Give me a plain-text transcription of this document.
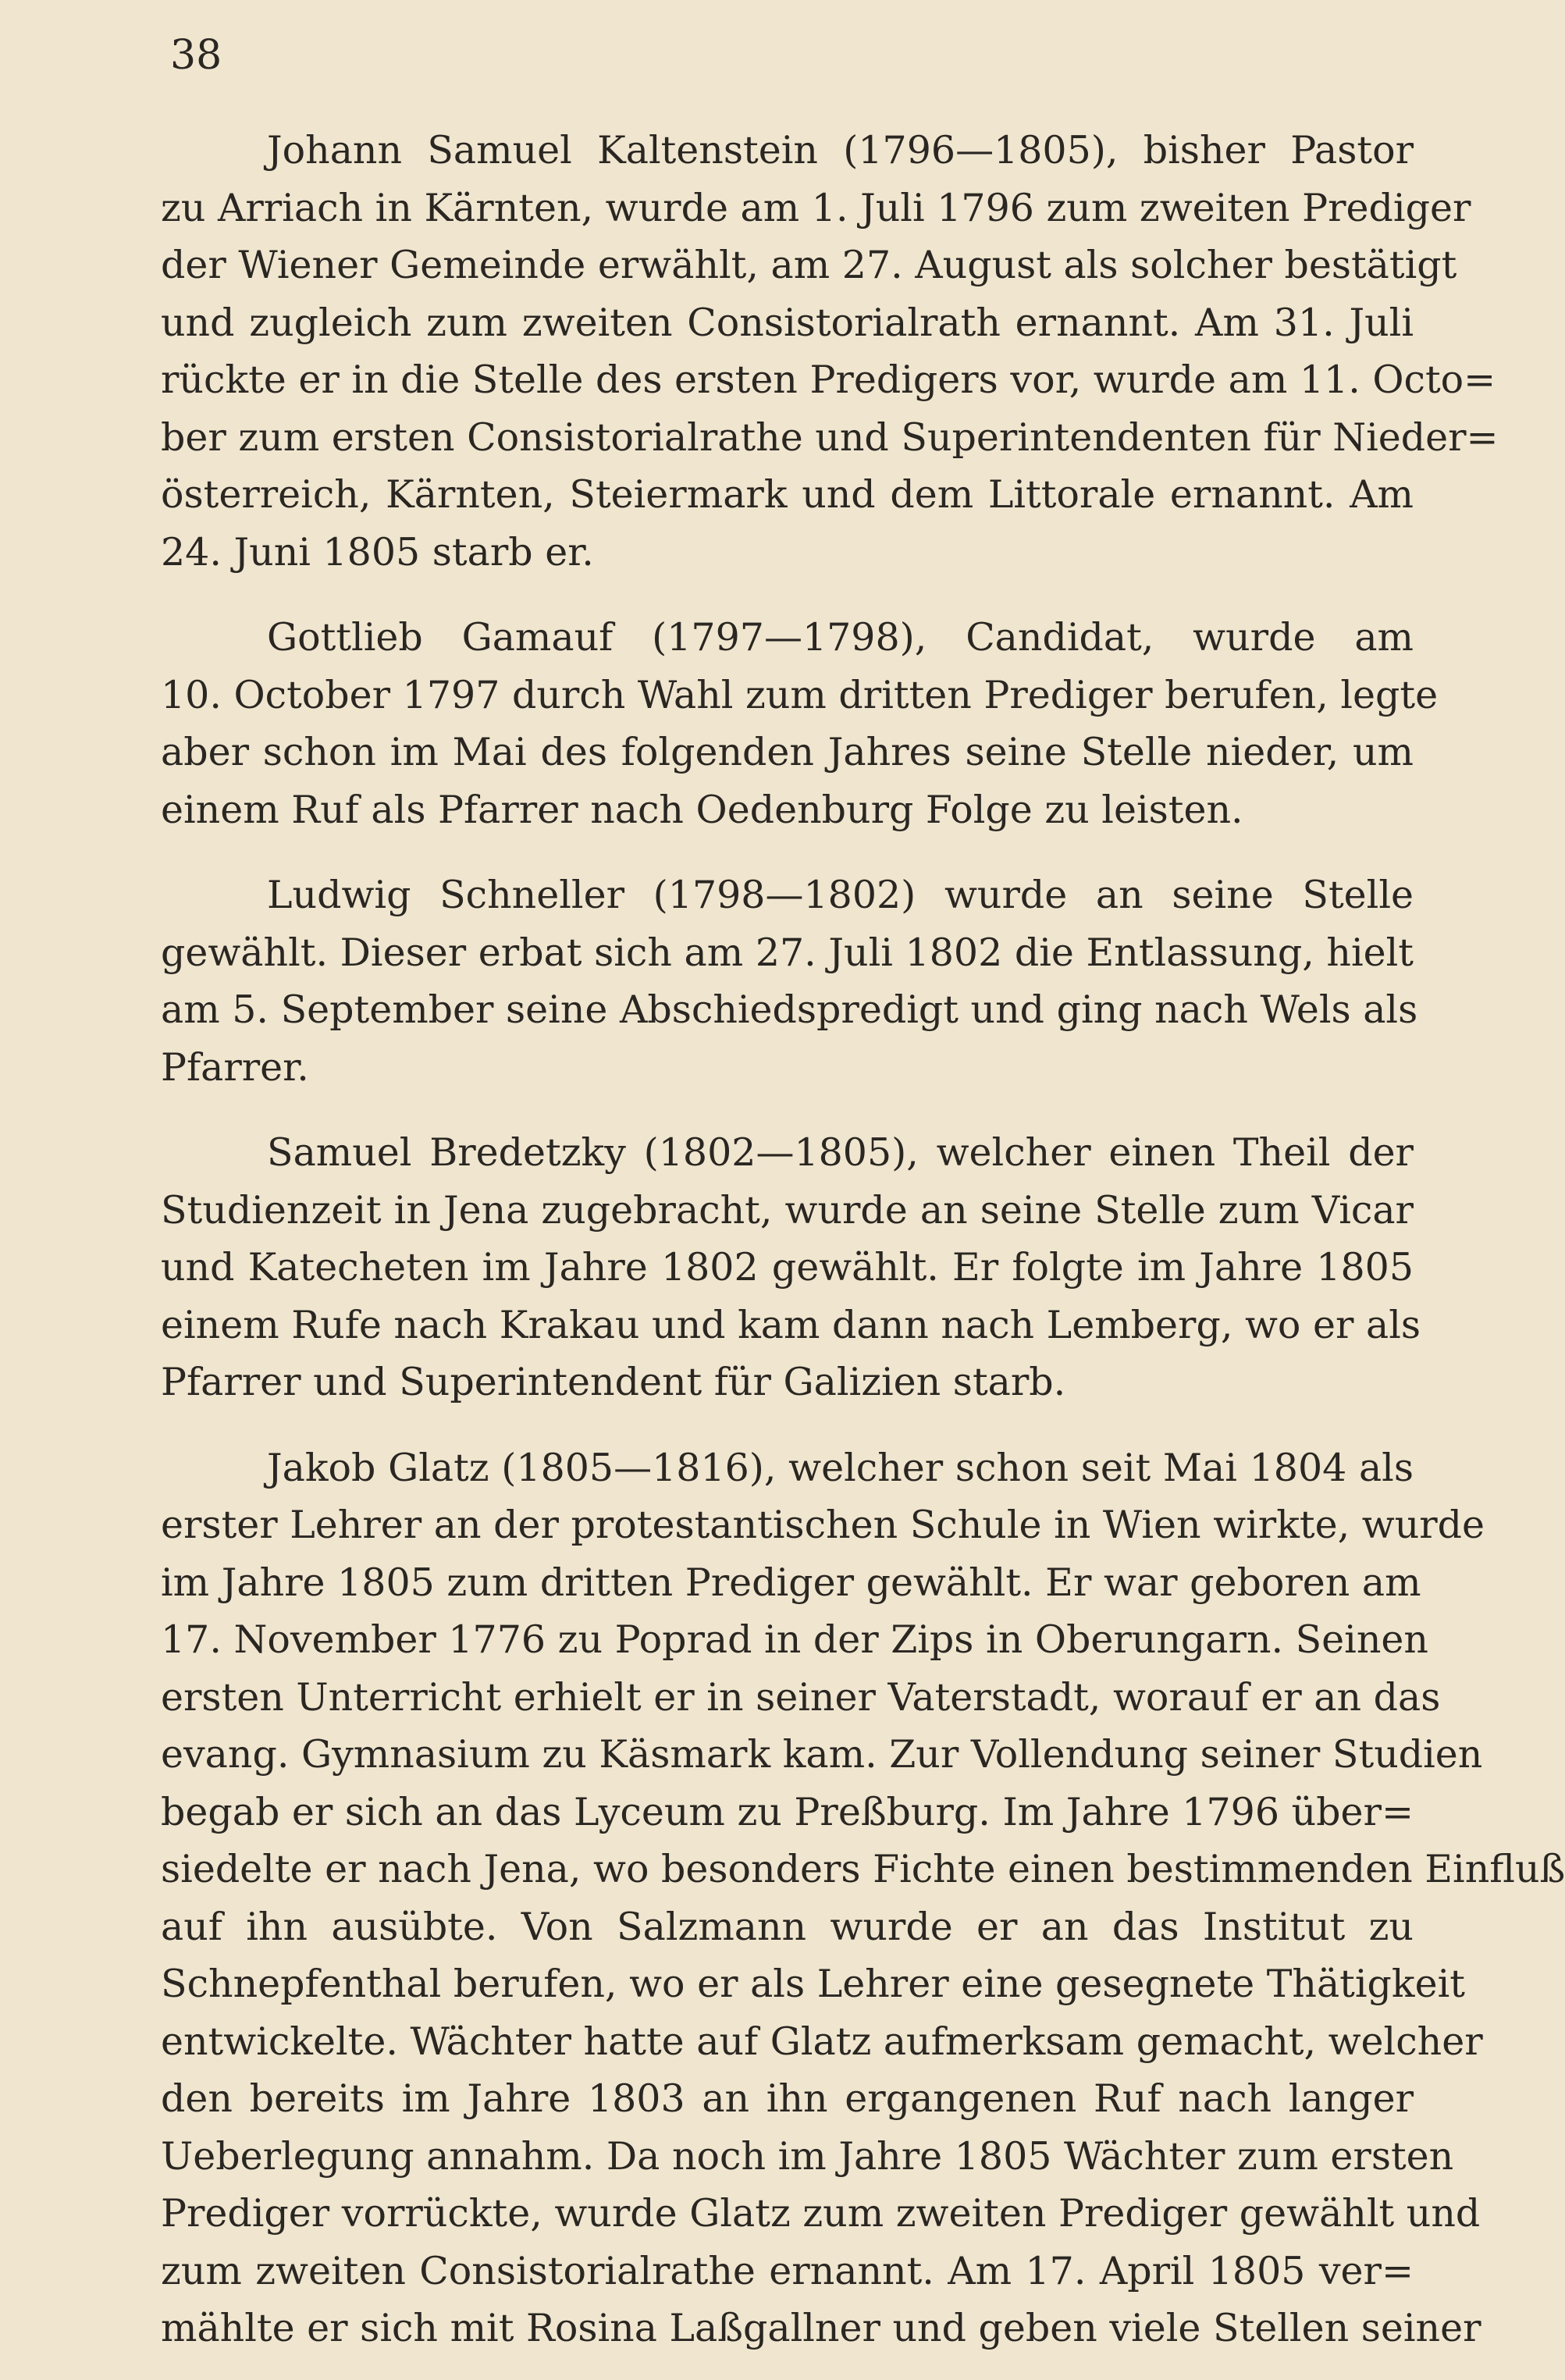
38
Johann Samuel Kaltenstein (1796—1805), bisher Pastor
zu Arriach in Kärnten, wurde am 1. Juli 1796 zum zweiten Prediger
der Wiener Gemeinde erwählt, am 27. August als solcher bestätigt
und zugleich zum zweiten Consistorialrath ernannt. Am 31. Juli
rückte er in die Stelle des ersten Predigers vor, wurde am 11. Octo=
ber zum ersten Consistorialrathe und Superintendenten für Nieder=
österreich, Kärnten, Steiermark und dem Littorale ernannt. Am
24. Juni 1805 starb er.
Gottlieb Gamauf (1797—1798), Candidat, wurde am
10. October 1797 durch Wahl zum dritten Prediger berufen, legte
aber schon im Mai des folgenden Jahres seine Stelle nieder, um
einem Ruf als Pfarrer nach Oedenburg Folge zu leisten.
Ludwig Schneller (1798—1802) wurde an seine Stelle
gewählt. Dieser erbat sich am 27. Juli 1802 die Entlassung, hielt
am 5. September seine Abschiedspredigt und ging nach Wels als
Pfarrer.
Samuel Bredetzky (1802—1805), welcher einen Theil der
Studienzeit in Jena zugebracht, wurde an seine Stelle zum Vicar
und Katecheten im Jahre 1802 gewählt. Er folgte im Jahre 1805
einem Rufe nach Krakau und kam dann nach Lemberg, wo er als
Pfarrer und Superintendent für Galizien starb.
Jakob Glatz (1805—1816), welcher schon seit Mai 1804 als
erster Lehrer an der protestantischen Schule in Wien wirkte, wurde
im Jahre 1805 zum dritten Prediger gewählt. Er war geboren am
17. November 1776 zu Poprad in der Zips in Oberungarn. Seinen
ersten Unterricht erhielt er in seiner Vaterstadt, worauf er an das
evang. Gymnasium zu Käsmark kam. Zur Vollendung seiner Studien
begab er sich an das Lyceum zu Preßburg. Im Jahre 1796 über=
siedelte er nach Jena, wo besonders Fichte einen bestimmenden Einfluß
auf ihn ausübte. Von Salzmann wurde er an das Institut zu
Schnepfenthal berufen, wo er als Lehrer eine gesegnete Thätigkeit
entwickelte. Wächter hatte auf Glatz aufmerksam gemacht, welcher
den bereits im Jahre 1803 an ihn ergangenen Ruf nach langer
Ueberlegung annahm. Da noch im Jahre 1805 Wächter zum ersten
Prediger vorrückte, wurde Glatz zum zweiten Prediger gewählt und
zum zweiten Consistorialrathe ernannt. Am 17. April 1805 ver=
mählte er sich mit Rosina Laßgallner und geben viele Stellen seiner
